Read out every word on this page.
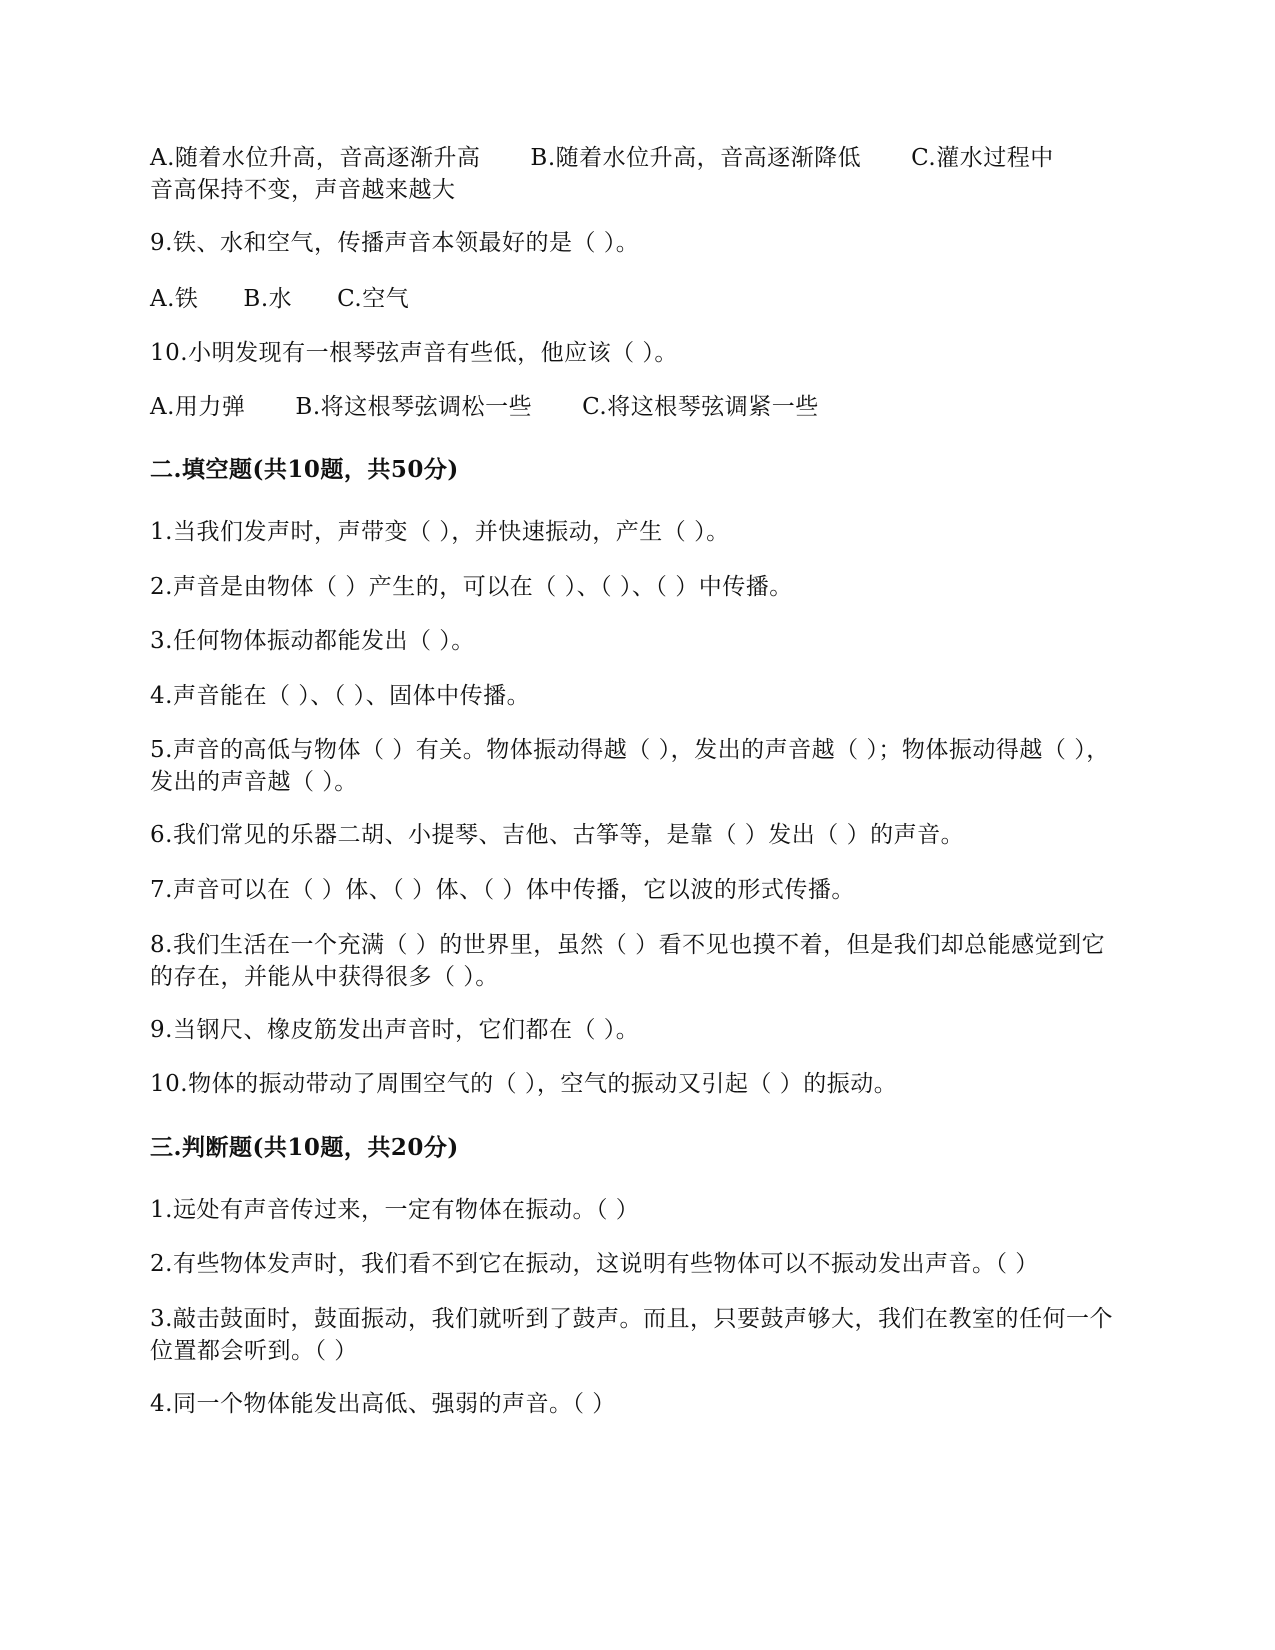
A.随着水位升高，音高逐渐升高 B.随着水位升高，音高逐渐降低 C.灌水过程中
音高保持不变，声音越来越大
9.铁、水和空气，传播声音本领最好的是（ ）。
A.铁 B.水 C.空气
10.小明发现有一根琴弦声音有些低，他应该（ ）。
A.用力弹 B.将这根琴弦调松一些 C.将这根琴弦调紧一些
二.填空题(共10题，共50分)
1.当我们发声时，声带变（ ），并快速振动，产生（ ）。
2.声音是由物体（ ）产生的，可以在（ ）、（ ）、（ ）中传播。
3.任何物体振动都能发出（ ）。
4.声音能在（ ）、（ ）、固体中传播。
5.声音的高低与物体（ ）有关。物体振动得越（ ），发出的声音越（ ）；物体振动得越（ ），发出的声音越（ ）。
6.我们常见的乐器二胡、小提琴、吉他、古筝等，是靠（ ）发出（ ）的声音。
7.声音可以在（ ）体、（ ）体、（ ）体中传播，它以波的形式传播。
8.我们生活在一个充满（ ）的世界里，虽然（ ）看不见也摸不着，但是我们却总能感觉到它的存在，并能从中获得很多（ ）。
9.当钢尺、橡皮筋发出声音时，它们都在（ ）。
10.物体的振动带动了周围空气的（ ），空气的振动又引起（ ）的振动。
三.判断题(共10题，共20分)
1.远处有声音传过来，一定有物体在振动。（ ）
2.有些物体发声时，我们看不到它在振动，这说明有些物体可以不振动发出声音。（ ）
3.敲击鼓面时，鼓面振动，我们就听到了鼓声。而且，只要鼓声够大，我们在教室的任何一个位置都会听到。（ ）
4.同一个物体能发出高低、强弱的声音。（ ）
